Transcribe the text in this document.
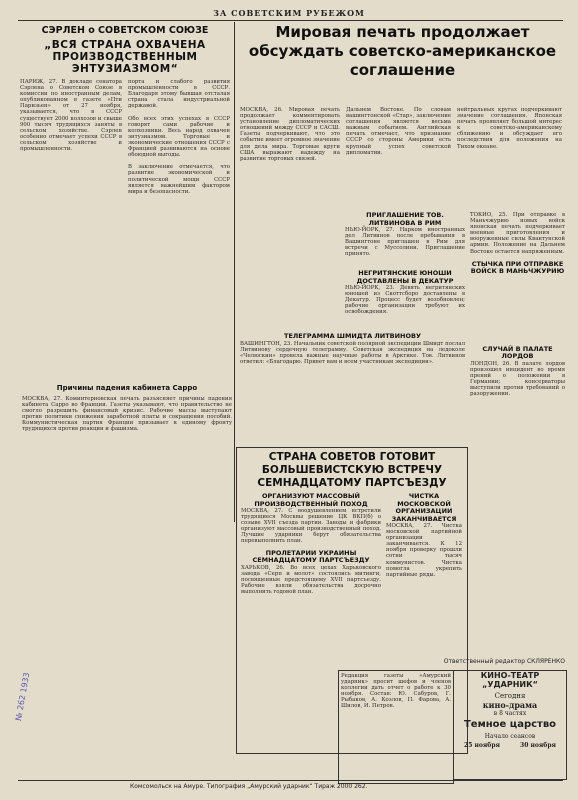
ЗА СОВЕТСКИМ РУБЕЖОМ
СЭРЛЕН о СОВЕТСКОМ СОЮЗЕ
„ВСЯ СТРАНА ОХВАЧЕНА ПРОИЗВОДСТВЕННЫМ ЭНТУЗИАЗМОМ“
ПАРИЖ, 27. В докладе сенатора Сэрлена о Советском Союзе в комиссии по иностранным делам, опубликованном в газете «Пти Паризьен» от 27 ноября, указывается, что в СССР существует 2000 колхозов и свыше 900 тысяч трудящихся заняты в сельском хозяйстве. Сэрлен особенно отмечает успехи СССР в сельском хозяйстве и промышленности.
порта и слабого развития промышленности в СССР. Благодаря этому бывшая отсталая страна стала индустриальной державой.

Обо всех этих успехах в СССР говорят сами рабочие и колхозники. Весь народ охвачен энтузиазмом. Торговые и экономические отношения СССР с Францией развиваются на основе обоюдной выгоды.

В заключение отмечается, что развитие экономической и политической мощи СССР является важнейшим фактором мира и безопасности.
Мировая печать продолжает обсуждать советско-американское соглашение
МОСКВА, 26. Мировая печать продолжает комментировать установление дипломатических отношений между СССР и САСШ. Газеты подчеркивают, что это событие имеет огромное значение для дела мира. Торговые круги США выражают надежду на развитие торговых связей.
Дальнем Востоке. По словам вашингтонской «Стар», заключение соглашения является весьма важным событием. Английская печать отмечает, что признание СССР со стороны Америки есть крупный успех советской дипломатии.
нейтральных кругах подчеркивают значение соглашения. Японская печать проявляет большой интерес к советско-американскому сближению и обсуждает его последствия для положения на Тихом океане.
ПРИГЛАШЕНИЕ ТОВ. ЛИТВИНОВА В РИМ
НЬЮ-ЙОРК, 27. Нарком иностранных дел Литвинов после пребывания в Вашингтоне приглашен в Рим для встречи с Муссолини. Приглашение принято.
НЕГРИТЯНСКИЕ ЮНОШИ ДОСТАВЛЕНЫ В ДЕКАТУР
НЬЮ-ЙОРК, 23. Девять негритянских юношей из Скоттсборо доставлены в Декатур. Процесс будет возобновлен; рабочие организации требуют их освобождения.
ТЕЛЕГРАММА ШМИДТА ЛИТВИНОВУ
ВАШИНГТОН, 23. Начальник советской полярной экспедиции Шмидт послал Литвинову сердечную телеграмму. Советская экспедиция на ледоколе «Челюскин» провела важные научные работы в Арктике. Тов. Литвинов ответил: «Благодарю. Привет вам и всем участникам экспедиции».
ТОКИО, 25. При отправке в Маньчжурию новых войск японская печать подчеркивает военные приготовления и вооруженные силы Квантунской армии. Положение на Дальнем Востоке остается напряженным.
СТЫЧКА ПРИ ОТПРАВКЕ ВОЙСК В МАНЬЧЖУРИЮ
СЛУЧАЙ В ПАЛАТЕ ЛОРДОВ
ЛОНДОН, 26. В палате лордов произошел инцидент во время прений о положении в Германии; консерваторы выступили против требований о разоружении.
Причины падения кабинета Сарро
МОСКВА, 27. Коминтерновская печать разъясняет причины падения кабинета Сарро во Франции. Газеты указывают, что правительство не смогло разрешить финансовый кризис. Рабочие массы выступают против политики снижения заработной платы и сокращения пособий. Коммунистическая партия Франции призывает к единому фронту трудящихся против реакции и фашизма.
СТРАНА СОВЕТОВ ГОТОВИТ БОЛЬШЕВИСТСКУЮ ВСТРЕЧУ СЕМНАДЦАТОМУ ПАРТСЪЕЗДУ
ОРГАНИЗУЮТ МАССОВЫЙ ПРОИЗВОДСТВЕННЫЙ ПОХОД
МОСКВА, 27. С воодушевлением встретили трудящиеся Москвы решение ЦК ВКП(б) о созыве XVII съезда партии. Заводы и фабрики организуют массовый производственный поход. Лучшие ударники берут обязательства перевыполнить план.
ПРОЛЕТАРИИ УКРАИНЫ СЕМНАДЦАТОМУ ПАРТСЪЕЗДУ
ХАРЬКОВ, 26. Во всех цехах Харьковского завода «Серп и молот» состоялись митинги, посвященные предстоящему XVII партсъезду. Рабочие взяли обязательства досрочно выполнить годовой план.
ЧИСТКА МОСКОВСКОЙ ОРГАНИЗАЦИИ ЗАКАНЧИВАЕТСЯ
МОСКВА, 27. Чистка московской партийной организации заканчивается. К 12 ноября проверку прошли сотни тысяч коммунистов. Чистка помогла укрепить партийные ряды.
Ответственный редактор СКЛЯРЕНКО
Редакция газеты «Амурский ударник» просит шефов и членов коллегии дать отчет о работе к 30 ноября. Состав: Ю. Сабуров, Г. Рыбаков, А. Козлов, П. Фарова, А. Шилов, И. Петров.
КИНО-ТЕАТР „УДАРНИК“
Сегодня
кино-драма
в 8 частях
Темное царство
Начало сеансов
25 ноября	30 ноября
№ 262 1933
Комсомольск на Амуре. Типография „Амурский ударник“ Тираж 2000 262.
